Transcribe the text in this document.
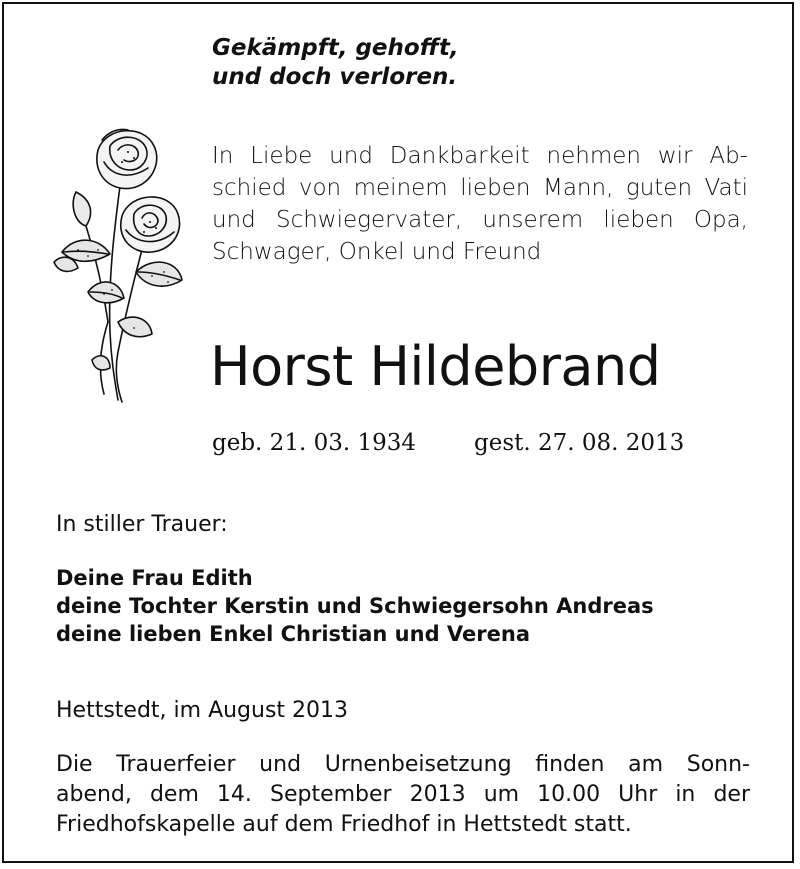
Gekämpft, gehofft,
und doch verloren.
In Liebe und Dankbarkeit nehmen wir Ab-
schied von meinem lieben Mann, guten Vati
und Schwiegervater, unserem lieben Opa,
Schwager, Onkel und Freund
Horst Hildebrand
geb. 21. 03. 1934	gest. 27. 08. 2013
In stiller Trauer:
Deine Frau Edith
deine Tochter Kerstin und Schwiegersohn Andreas
deine lieben Enkel Christian und Verena
Hettstedt, im August 2013
Die Trauerfeier und Urnenbeisetzung finden am Sonn-
abend, dem 14. September 2013 um 10.00 Uhr in der
Friedhofskapelle auf dem Friedhof in Hettstedt statt.
